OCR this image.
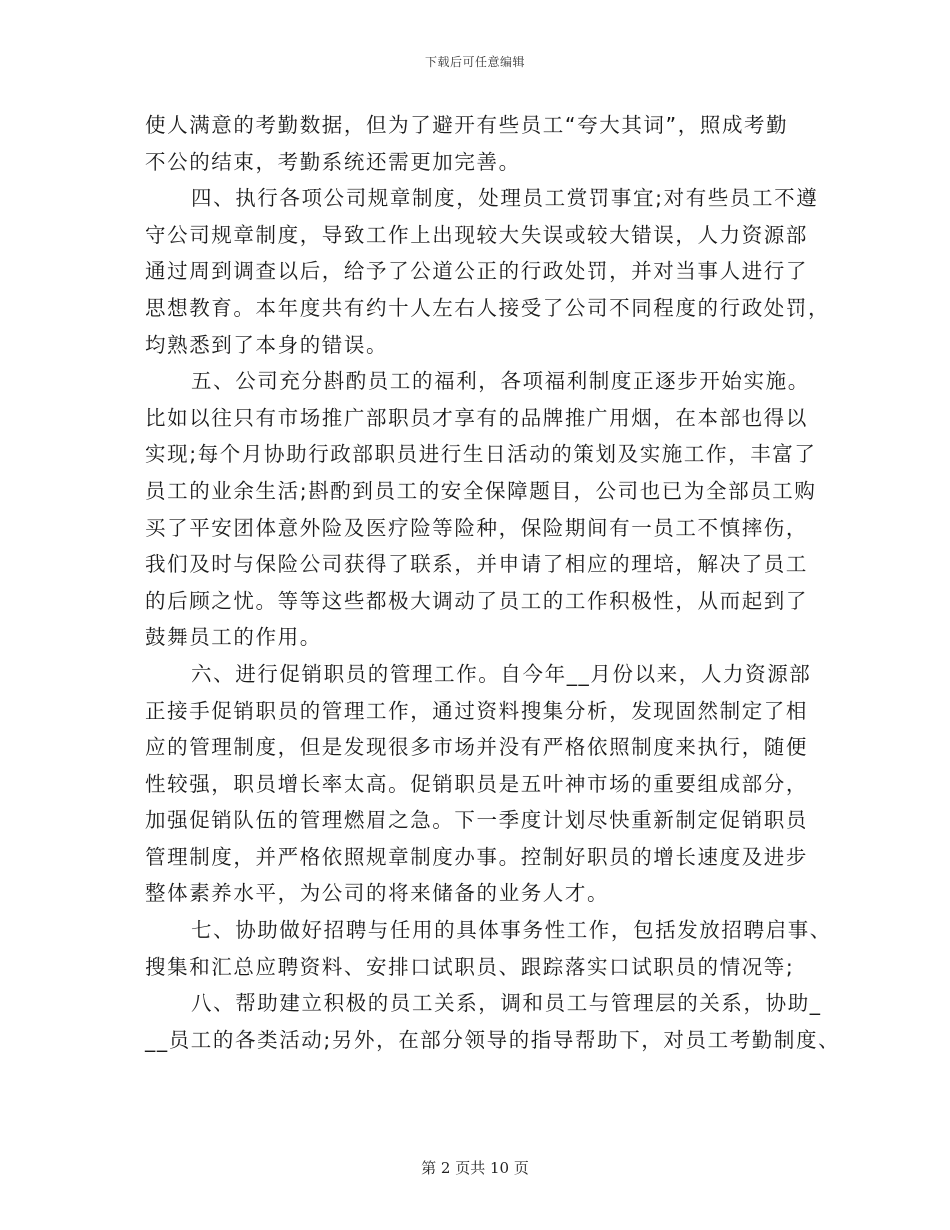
下载后可任意编辑
使人满意的考勤数据，但为了避开有些员工“夸大其词”，照成考勤
不公的结束，考勤系统还需更加完善。
四、执行各项公司规章制度，处理员工赏罚事宜;对有些员工不遵
守公司规章制度，导致工作上出现较大失误或较大错误，人力资源部
通过周到调查以后，给予了公道公正的行政处罚，并对当事人进行了
思想教育。本年度共有约十人左右人接受了公司不同程度的行政处罚，
均熟悉到了本身的错误。
五、公司充分斟酌员工的福利，各项福利制度正逐步开始实施。
比如以往只有市场推广部职员才享有的品牌推广用烟，在本部也得以
实现;每个月协助行政部职员进行生日活动的策划及实施工作，丰富了
员工的业余生活;斟酌到员工的安全保障题目，公司也已为全部员工购
买了平安团体意外险及医疗险等险种，保险期间有一员工不慎摔伤，
我们及时与保险公司获得了联系，并申请了相应的理培，解决了员工
的后顾之忧。等等这些都极大调动了员工的工作积极性，从而起到了
鼓舞员工的作用。
六、进行促销职员的管理工作。自今年__月份以来，人力资源部
正接手促销职员的管理工作，通过资料搜集分析，发现固然制定了相
应的管理制度，但是发现很多市场并没有严格依照制度来执行，随便
性较强，职员增长率太高。促销职员是五叶神市场的重要组成部分，
加强促销队伍的管理燃眉之急。下一季度计划尽快重新制定促销职员
管理制度，并严格依照规章制度办事。控制好职员的增长速度及进步
整体素养水平，为公司的将来储备的业务人才。
七、协助做好招聘与任用的具体事务性工作，包括发放招聘启事、
搜集和汇总应聘资料、安排口试职员、跟踪落实口试职员的情况等;
八、帮助建立积极的员工关系，调和员工与管理层的关系，协助_
__员工的各类活动;另外，在部分领导的指导帮助下，对员工考勤制度、
第 2 页共 10 页
